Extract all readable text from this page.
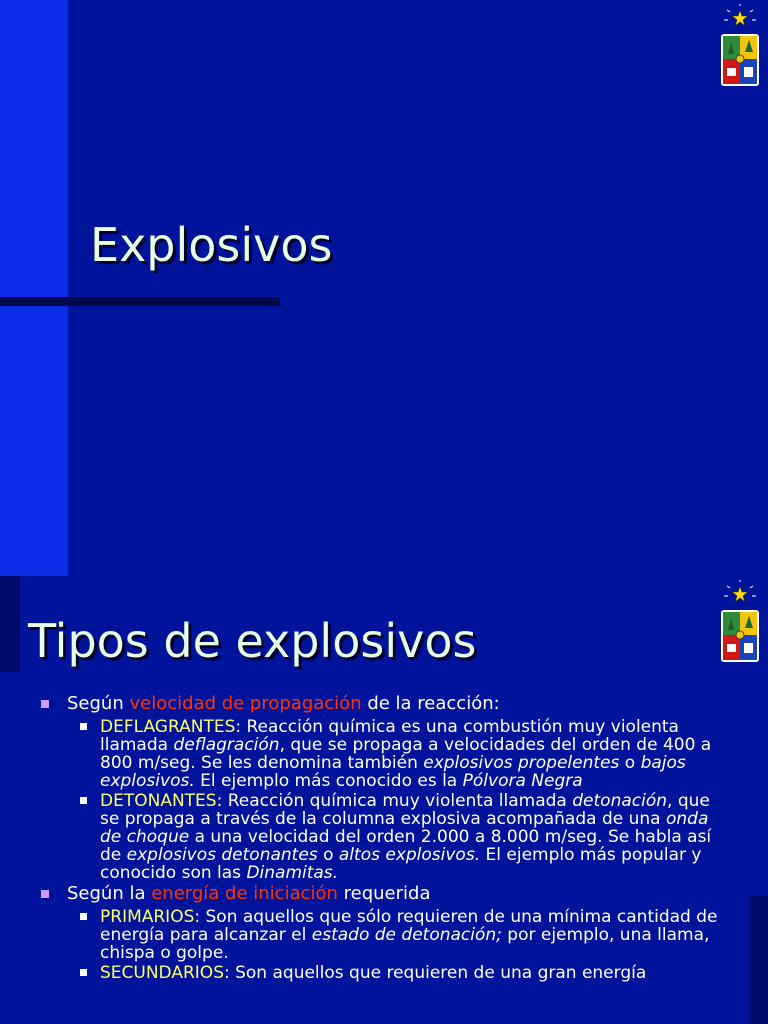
Explosivos
Tipos de explosivos

Según velocidad de propagación de la reacción:

DEFLAGRANTES: Reacción química es una combustión muy violenta llamada deflagración, que se propaga a velocidades del orden de 400 a 800 m/seg. Se les denomina también explosivos propelentes o bajos explosivos. El ejemplo más conocido es la Pólvora Negra

DETONANTES: Reacción química muy violenta llamada detonación, que se propaga a través de la columna explosiva acompañada de una onda de choque a una velocidad del orden 2.000 a 8.000 m/seg. Se habla así de explosivos detonantes o altos explosivos. El ejemplo más popular y conocido son las Dinamitas.

Según la energía de iniciación requerida

PRIMARIOS: Son aquellos que sólo requieren de una mínima cantidad de energía para alcanzar el estado de detonación; por ejemplo, una llama, chispa o golpe.

SECUNDARIOS: Son aquellos que requieren de una gran energía
